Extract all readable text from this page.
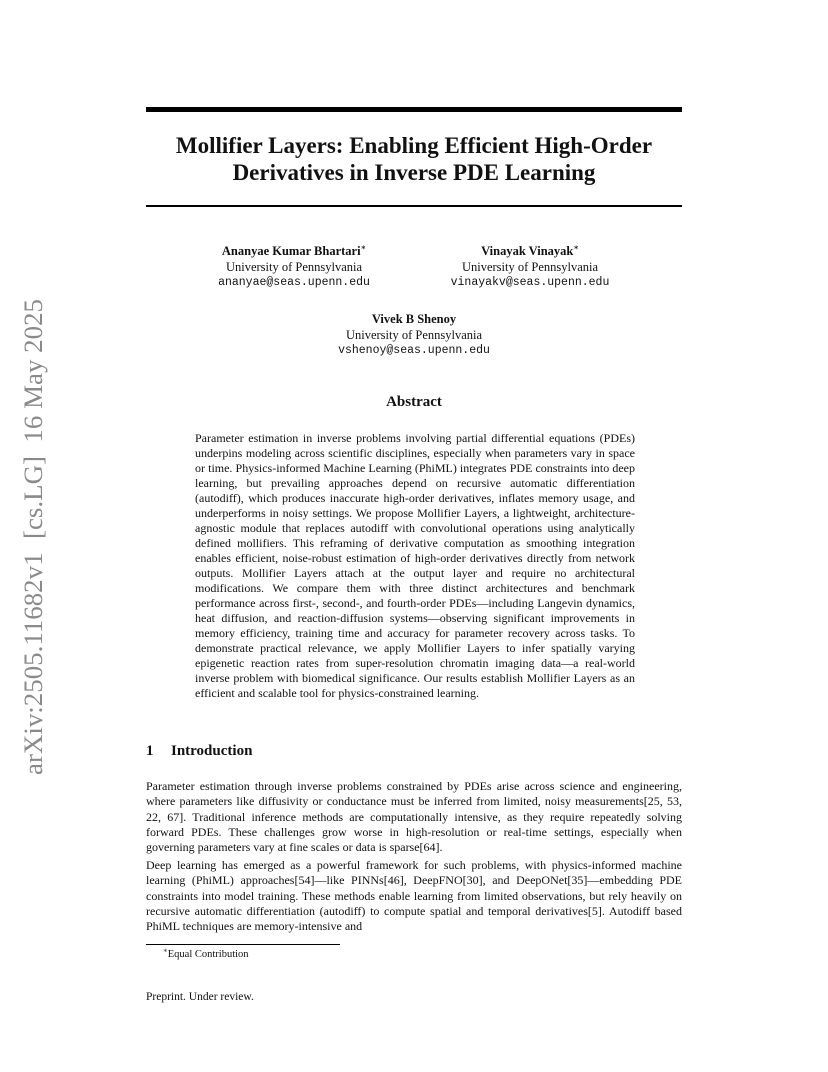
arXiv:2505.11682v1  [cs.LG]  16 May 2025
Mollifier Layers: Enabling Efficient High-Order
Derivatives in Inverse PDE Learning
Ananyae Kumar Bhartari∗
University of Pennsylvania
ananyae@seas.upenn.edu
Vinayak Vinayak∗
University of Pennsylvania
vinayakv@seas.upenn.edu
Vivek B Shenoy
University of Pennsylvania
vshenoy@seas.upenn.edu
Abstract

Parameter estimation in inverse problems involving partial differential equations (PDEs) underpins modeling across scientific disciplines, especially when parameters vary in space or time. Physics-informed Machine Learning (PhiML) integrates PDE constraints into deep learning, but prevailing approaches depend on recursive automatic differentiation (autodiff), which produces inaccurate high-order derivatives, inflates memory usage, and underperforms in noisy settings. We propose Mollifier Layers, a lightweight, architecture-agnostic module that replaces autodiff with convolutional operations using analytically defined mollifiers. This reframing of derivative computation as smoothing integration enables efficient, noise-robust estimation of high-order derivatives directly from network outputs. Mollifier Layers attach at the output layer and require no architectural modifications. We compare them with three distinct architectures and benchmark performance across first-, second-, and fourth-order PDEs—including Langevin dynamics, heat diffusion, and reaction-diffusion systems—observing significant improvements in memory efficiency, training time and accuracy for parameter recovery across tasks. To demonstrate practical relevance, we apply Mollifier Layers to infer spatially varying epigenetic reaction rates from super-resolution chromatin imaging data—a real-world inverse problem with biomedical significance. Our results establish Mollifier Layers as an efficient and scalable tool for physics-constrained learning.

1 Introduction

Parameter estimation through inverse problems constrained by PDEs arise across science and engineering, where parameters like diffusivity or conductance must be inferred from limited, noisy measurements[25, 53, 22, 67]. Traditional inference methods are computationally intensive, as they require repeatedly solving forward PDEs. These challenges grow worse in high-resolution or real-time settings, especially when governing parameters vary at fine scales or data is sparse[64].

Deep learning has emerged as a powerful framework for such problems, with physics-informed machine learning (PhiML) approaches[54]—like PINNs[46], DeepFNO[30], and DeepONet[35]—embedding PDE constraints into model training. These methods enable learning from limited observations, but rely heavily on recursive automatic differentiation (autodiff) to compute spatial and temporal derivatives[5]. Autodiff based PhiML techniques are memory-intensive and

∗Equal Contribution
Preprint. Under review.
